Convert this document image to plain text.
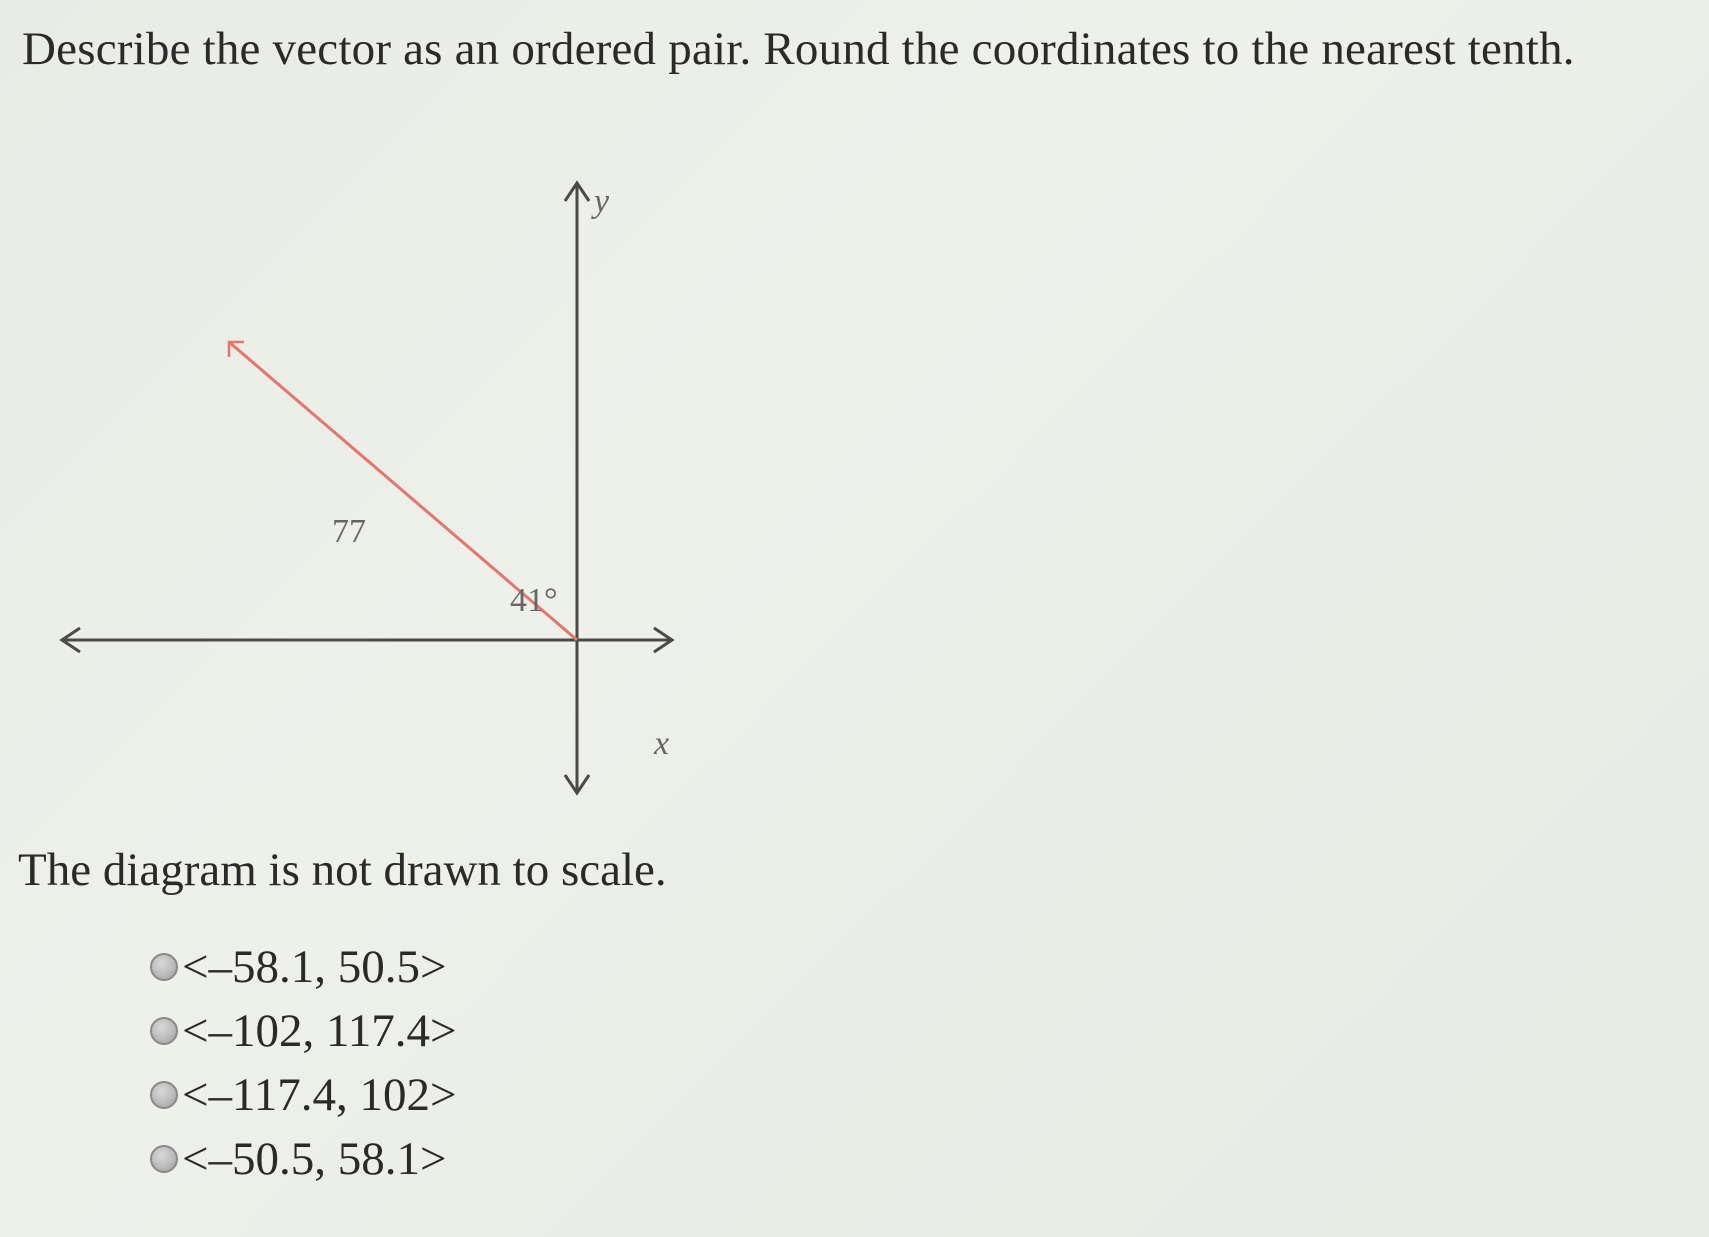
Describe the vector as an ordered pair. Round the coordinates to the nearest tenth.
y
x
77
41°

The diagram is not drawn to scale.

<–58.1, 50.5>
<–102, 117.4>
<–117.4, 102>
<–50.5, 58.1>
